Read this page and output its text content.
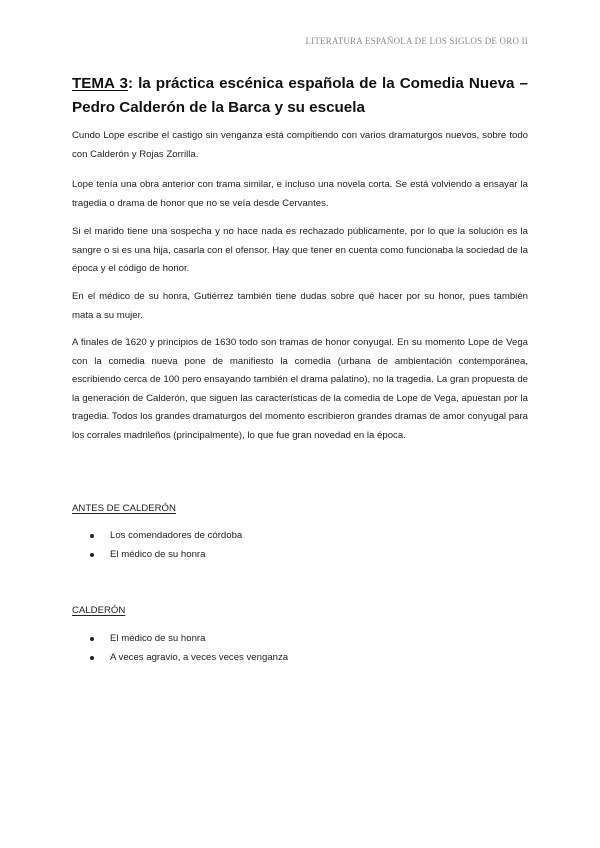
LITERATURA ESPAÑOLA DE LOS SIGLOS DE ORO II
TEMA 3: la práctica escénica española de la Comedia Nueva – Pedro Calderón de la Barca y su escuela
Cundo Lope escribe el castigo sin venganza está compitiendo con varios dramaturgos nuevos, sobre todo con Calderón y Rojas Zorrilla.
Lope tenía una obra anterior con trama similar, e incluso una novela corta. Se está volviendo a ensayar la tragedia o drama de honor que no se veía desde Cervantes.
Si el marido tiene una sospecha y no hace nada es rechazado públicamente, por lo que la solución es la sangre o si es una hija, casarla con el ofensor. Hay que tener en cuenta como funcionaba la sociedad de la época y el código de honor.
En el médico de su honra, Gutiérrez también tiene dudas sobre qué hacer por su honor, pues también mata a su mujer.
A finales de 1620 y principios de 1630 todo son tramas de honor conyugal. En su momento Lope de Vega con la comedia nueva pone de manifiesto la comedia (urbana de ambientación contemporánea, escribiendo cerca de 100 pero ensayando también el drama palatino), no la tragedia. La gran propuesta de la generación de Calderón, que siguen las características de la comedia de Lope de Vega, apuestan por la tragedia. Todos los grandes dramaturgos del momento escribieron grandes dramas de amor conyugal para los corrales madrileños (principalmente), lo que fue gran novedad en la época.
ANTES DE CALDERÓN
Los comendadores de córdoba
El médico de su honra
CALDERÓN
El médico de su honra
A veces agravio, a veces veces venganza
